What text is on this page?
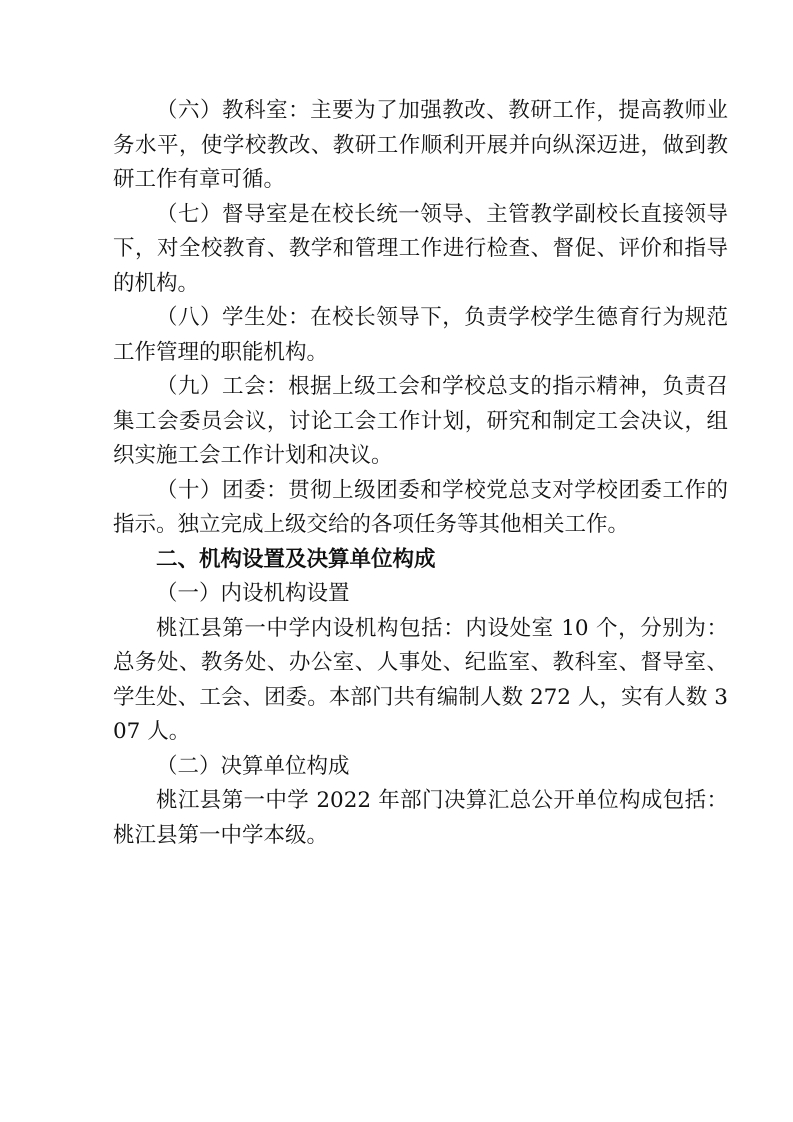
（六）教科室：主要为了加强教改、教研工作，提高教师业务水平，使学校教改、教研工作顺利开展并向纵深迈进，做到教研工作有章可循。

（七）督导室是在校长统一领导、主管教学副校长直接领导下，对全校教育、教学和管理工作进行检查、督促、评价和指导的机构。

（八）学生处：在校长领导下，负责学校学生德育行为规范工作管理的职能机构。

（九）工会：根据上级工会和学校总支的指示精神，负责召集工会委员会议，讨论工会工作计划，研究和制定工会决议，组织实施工会工作计划和决议。

（十）团委：贯彻上级团委和学校党总支对学校团委工作的指示。独立完成上级交给的各项任务等其他相关工作。

二、机构设置及决算单位构成

（一）内设机构设置

桃江县第一中学内设机构包括：内设处室 10 个，分别为：总务处、教务处、办公室、人事处、纪监室、教科室、督导室、学生处、工会、团委。本部门共有编制人数 272 人，实有人数 307 人。

（二）决算单位构成

桃江县第一中学 2022 年部门决算汇总公开单位构成包括：桃江县第一中学本级。
